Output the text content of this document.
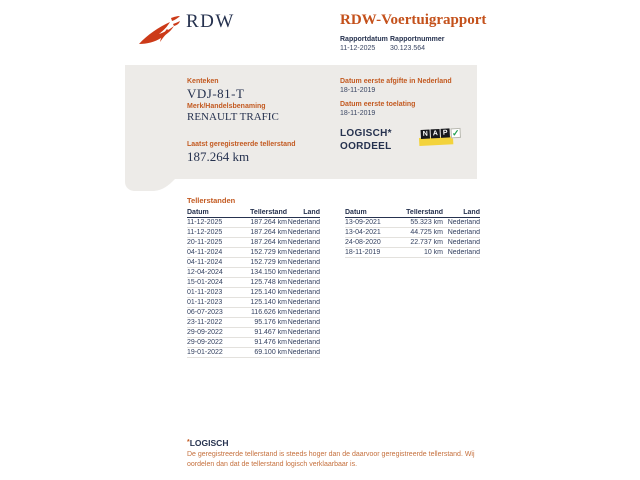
RDW	RDW-Voertuigrapport
Rapportdatum Rapportnummer
11-12-2025 30.123.564
Kenteken
VDJ-81-T
Merk/Handelsbenaming
RENAULT TRAFIC
Laatst geregistreerde tellerstand
187.264 km
Datum eerste afgifte in Nederland
18-11-2019
Datum eerste toelating
18-11-2019
LOGISCH*
OORDEEL
N A P ✓
Tellerstanden
Datum	Tellerstand	Land
11-12-2025	187.264 km Nederland
11-12-2025	187.264 km Nederland
20-11-2025	187.264 km Nederland
04-11-2024	152.729 km Nederland
04-11-2024	152.729 km Nederland
12-04-2024	134.150 km Nederland
15-01-2024	125.748 km Nederland
01-11-2023	125.140 km Nederland
01-11-2023	125.140 km Nederland
06-07-2023	116.626 km Nederland
23-11-2022	95.176 km Nederland
29-09-2022	91.467 km Nederland
29-09-2022	91.476 km Nederland
19-01-2022	69.100 km Nederland
Datum	Tellerstand	Land
13-09-2021	55.323 km Nederland
13-04-2021	44.725 km Nederland
24-08-2020	22.737 km Nederland
18-11-2019	10 km Nederland
*LOGISCH
De geregistreerde tellerstand is steeds hoger dan de daarvoor geregistreerde tellerstand. Wij oordelen dan dat de tellerstand logisch verklaarbaar is.
